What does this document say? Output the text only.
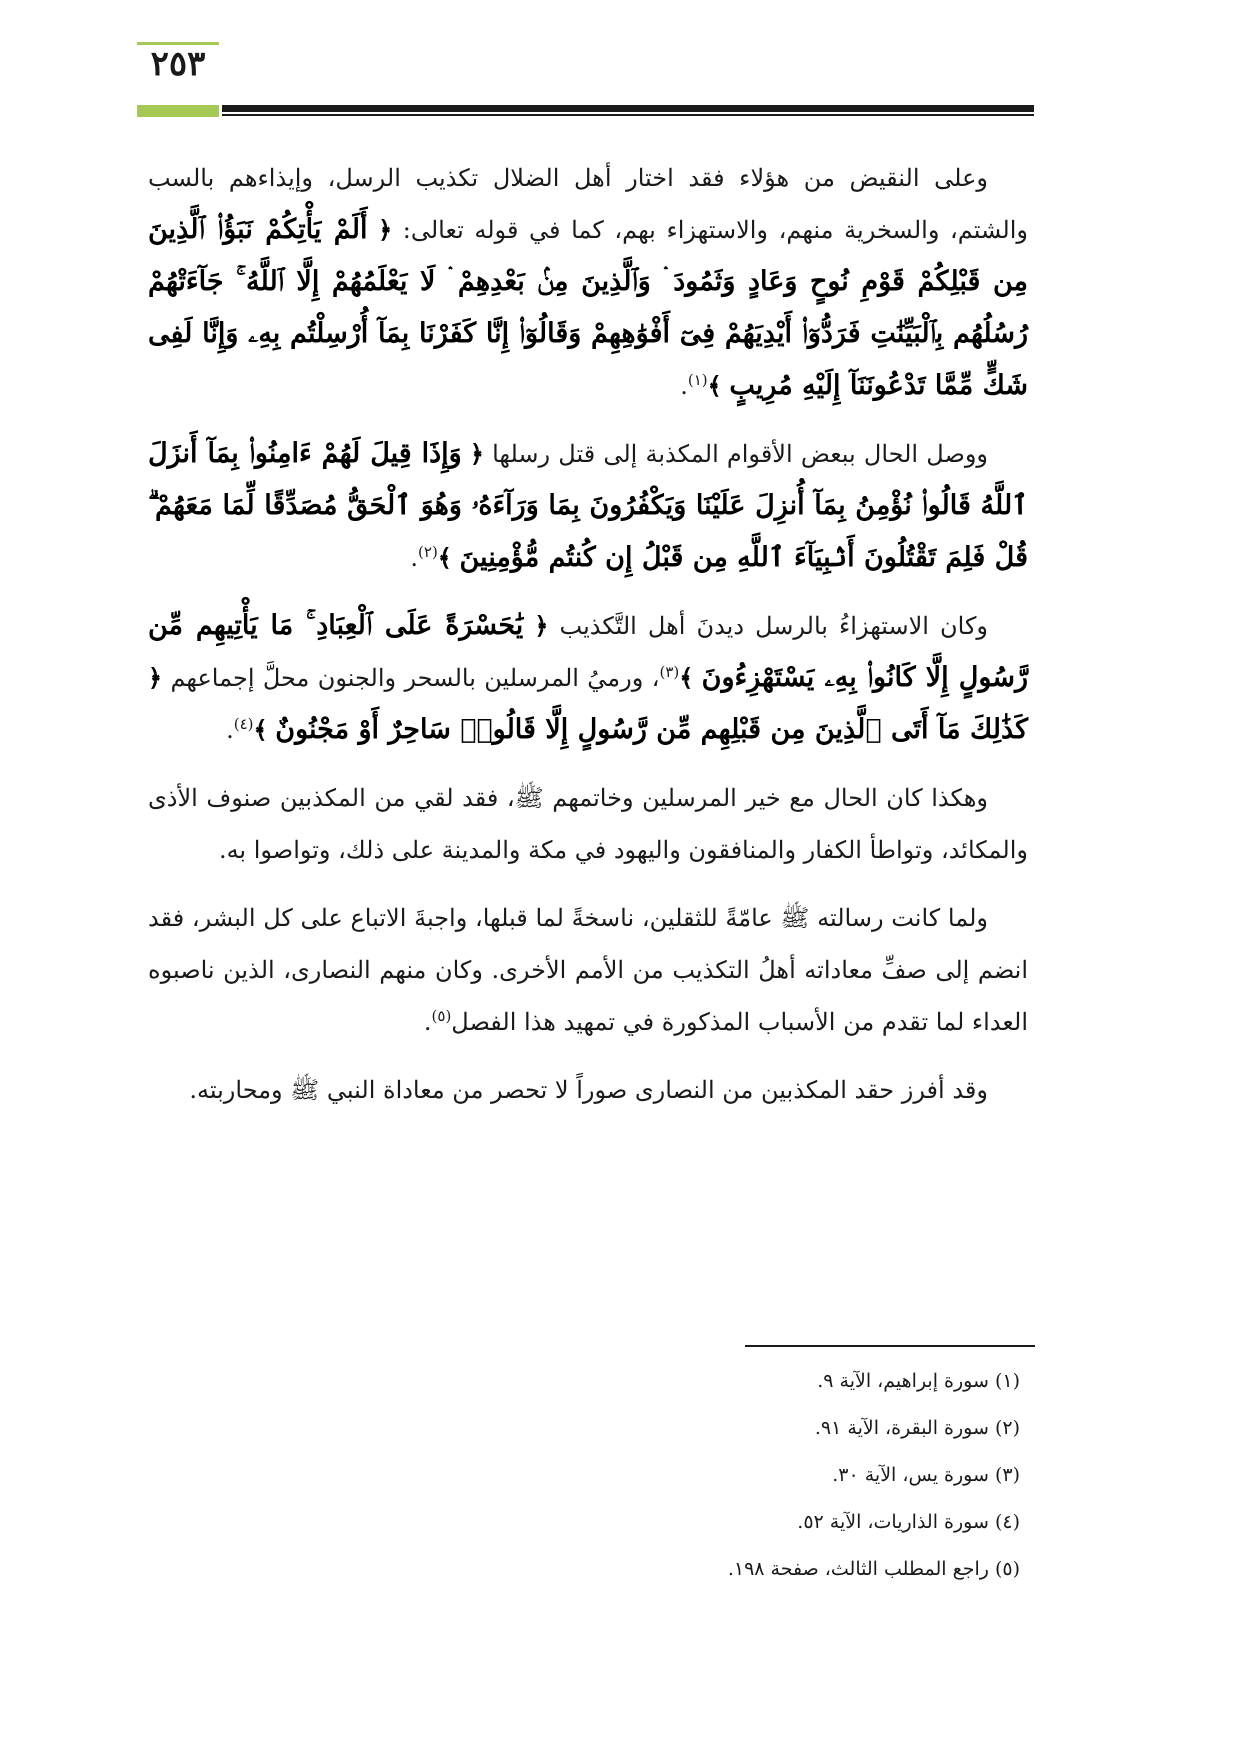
٢٥٣

وعلى النقيض من هؤلاء فقد اختار أهل الضلال تكذيب الرسل، وإيذاءهم بالسب والشتم، والسخرية منهم، والاستهزاء بهم، كما في قوله تعالى: ﴿ أَلَمْ يَأْتِكُمْ نَبَؤُا۟ ٱلَّذِينَ مِن قَبْلِكُمْ قَوْمِ نُوحٍ وَعَادٍ وَثَمُودَ ۛ وَٱلَّذِينَ مِنۢ بَعْدِهِمْ ۛ لَا يَعْلَمُهُمْ إِلَّا ٱللَّهُ ۚ جَآءَتْهُمْ رُسُلُهُم بِٱلْبَيِّنَٰتِ فَرَدُّوٓا۟ أَيْدِيَهُمْ فِىٓ أَفْوَٰهِهِمْ وَقَالُوٓا۟ إِنَّا كَفَرْنَا بِمَآ أُرْسِلْتُم بِهِۦ وَإِنَّا لَفِى شَكٍّ مِّمَّا تَدْعُونَنَآ إِلَيْهِ مُرِيبٍ ﴾$^{(١)}$.

ووصل الحال ببعض الأقوام المكذبة إلى قتل رسلها ﴿ وَإِذَا قِيلَ لَهُمْ ءَامِنُوا۟ بِمَآ أَنزَلَ ٱللَّهُ قَالُوا۟ نُؤْمِنُ بِمَآ أُنزِلَ عَلَيْنَا وَيَكْفُرُونَ بِمَا وَرَآءَهُۥ وَهُوَ ٱلْحَقُّ مُصَدِّقًا لِّمَا مَعَهُمْ ۗ قُلْ فَلِمَ تَقْتُلُونَ أَنۢبِيَآءَ ٱللَّهِ مِن قَبْلُ إِن كُنتُم مُّؤْمِنِينَ ﴾$^{(٢)}$.

وكان الاستهزاءُ بالرسل ديدنَ أهل التَّكذيب ﴿ يَٰحَسْرَةً عَلَى ٱلْعِبَادِ ۚ مَا يَأْتِيهِم مِّن رَّسُولٍ إِلَّا كَانُوا۟ بِهِۦ يَسْتَهْزِءُونَ ﴾$^{(٣)}$، ورميُ المرسلين بالسحر والجنون محلَّ إجماعهم ﴿ كَذَٰلِكَ مَآ أَتَى ٱلَّذِينَ مِن قَبْلِهِم مِّن رَّسُولٍ إِلَّا قَالُوا۟ سَاحِرٌ أَوْ مَجْنُونٌ ﴾$^{(٤)}$.

وهكذا كان الحال مع خير المرسلين وخاتمهم ﷺ، فقد لقي من المكذبين صنوف الأذى والمكائد، وتواطأ الكفار والمنافقون واليهود في مكة والمدينة على ذلك، وتواصوا به.

ولما كانت رسالته ﷺ عامّةً للثقلين، ناسخةً لما قبلها، واجبةَ الاتباع على كل البشر، فقد انضم إلى صفِّ معاداته أهلُ التكذيب من الأمم الأخرى. وكان منهم النصارى، الذين ناصبوه العداء لما تقدم من الأسباب المذكورة في تمهيد هذا الفصل$^{(٥)}$.

وقد أفرز حقد المكذبين من النصارى صوراً لا تحصر من معاداة النبي ﷺ ومحاربته.

(١) سورة إبراهيم، الآية ٩.
(٢) سورة البقرة، الآية ٩١.
(٣) سورة يس، الآية ٣٠.
(٤) سورة الذاريات، الآية ٥٢.
(٥) راجع المطلب الثالث، صفحة ١٩٨.
